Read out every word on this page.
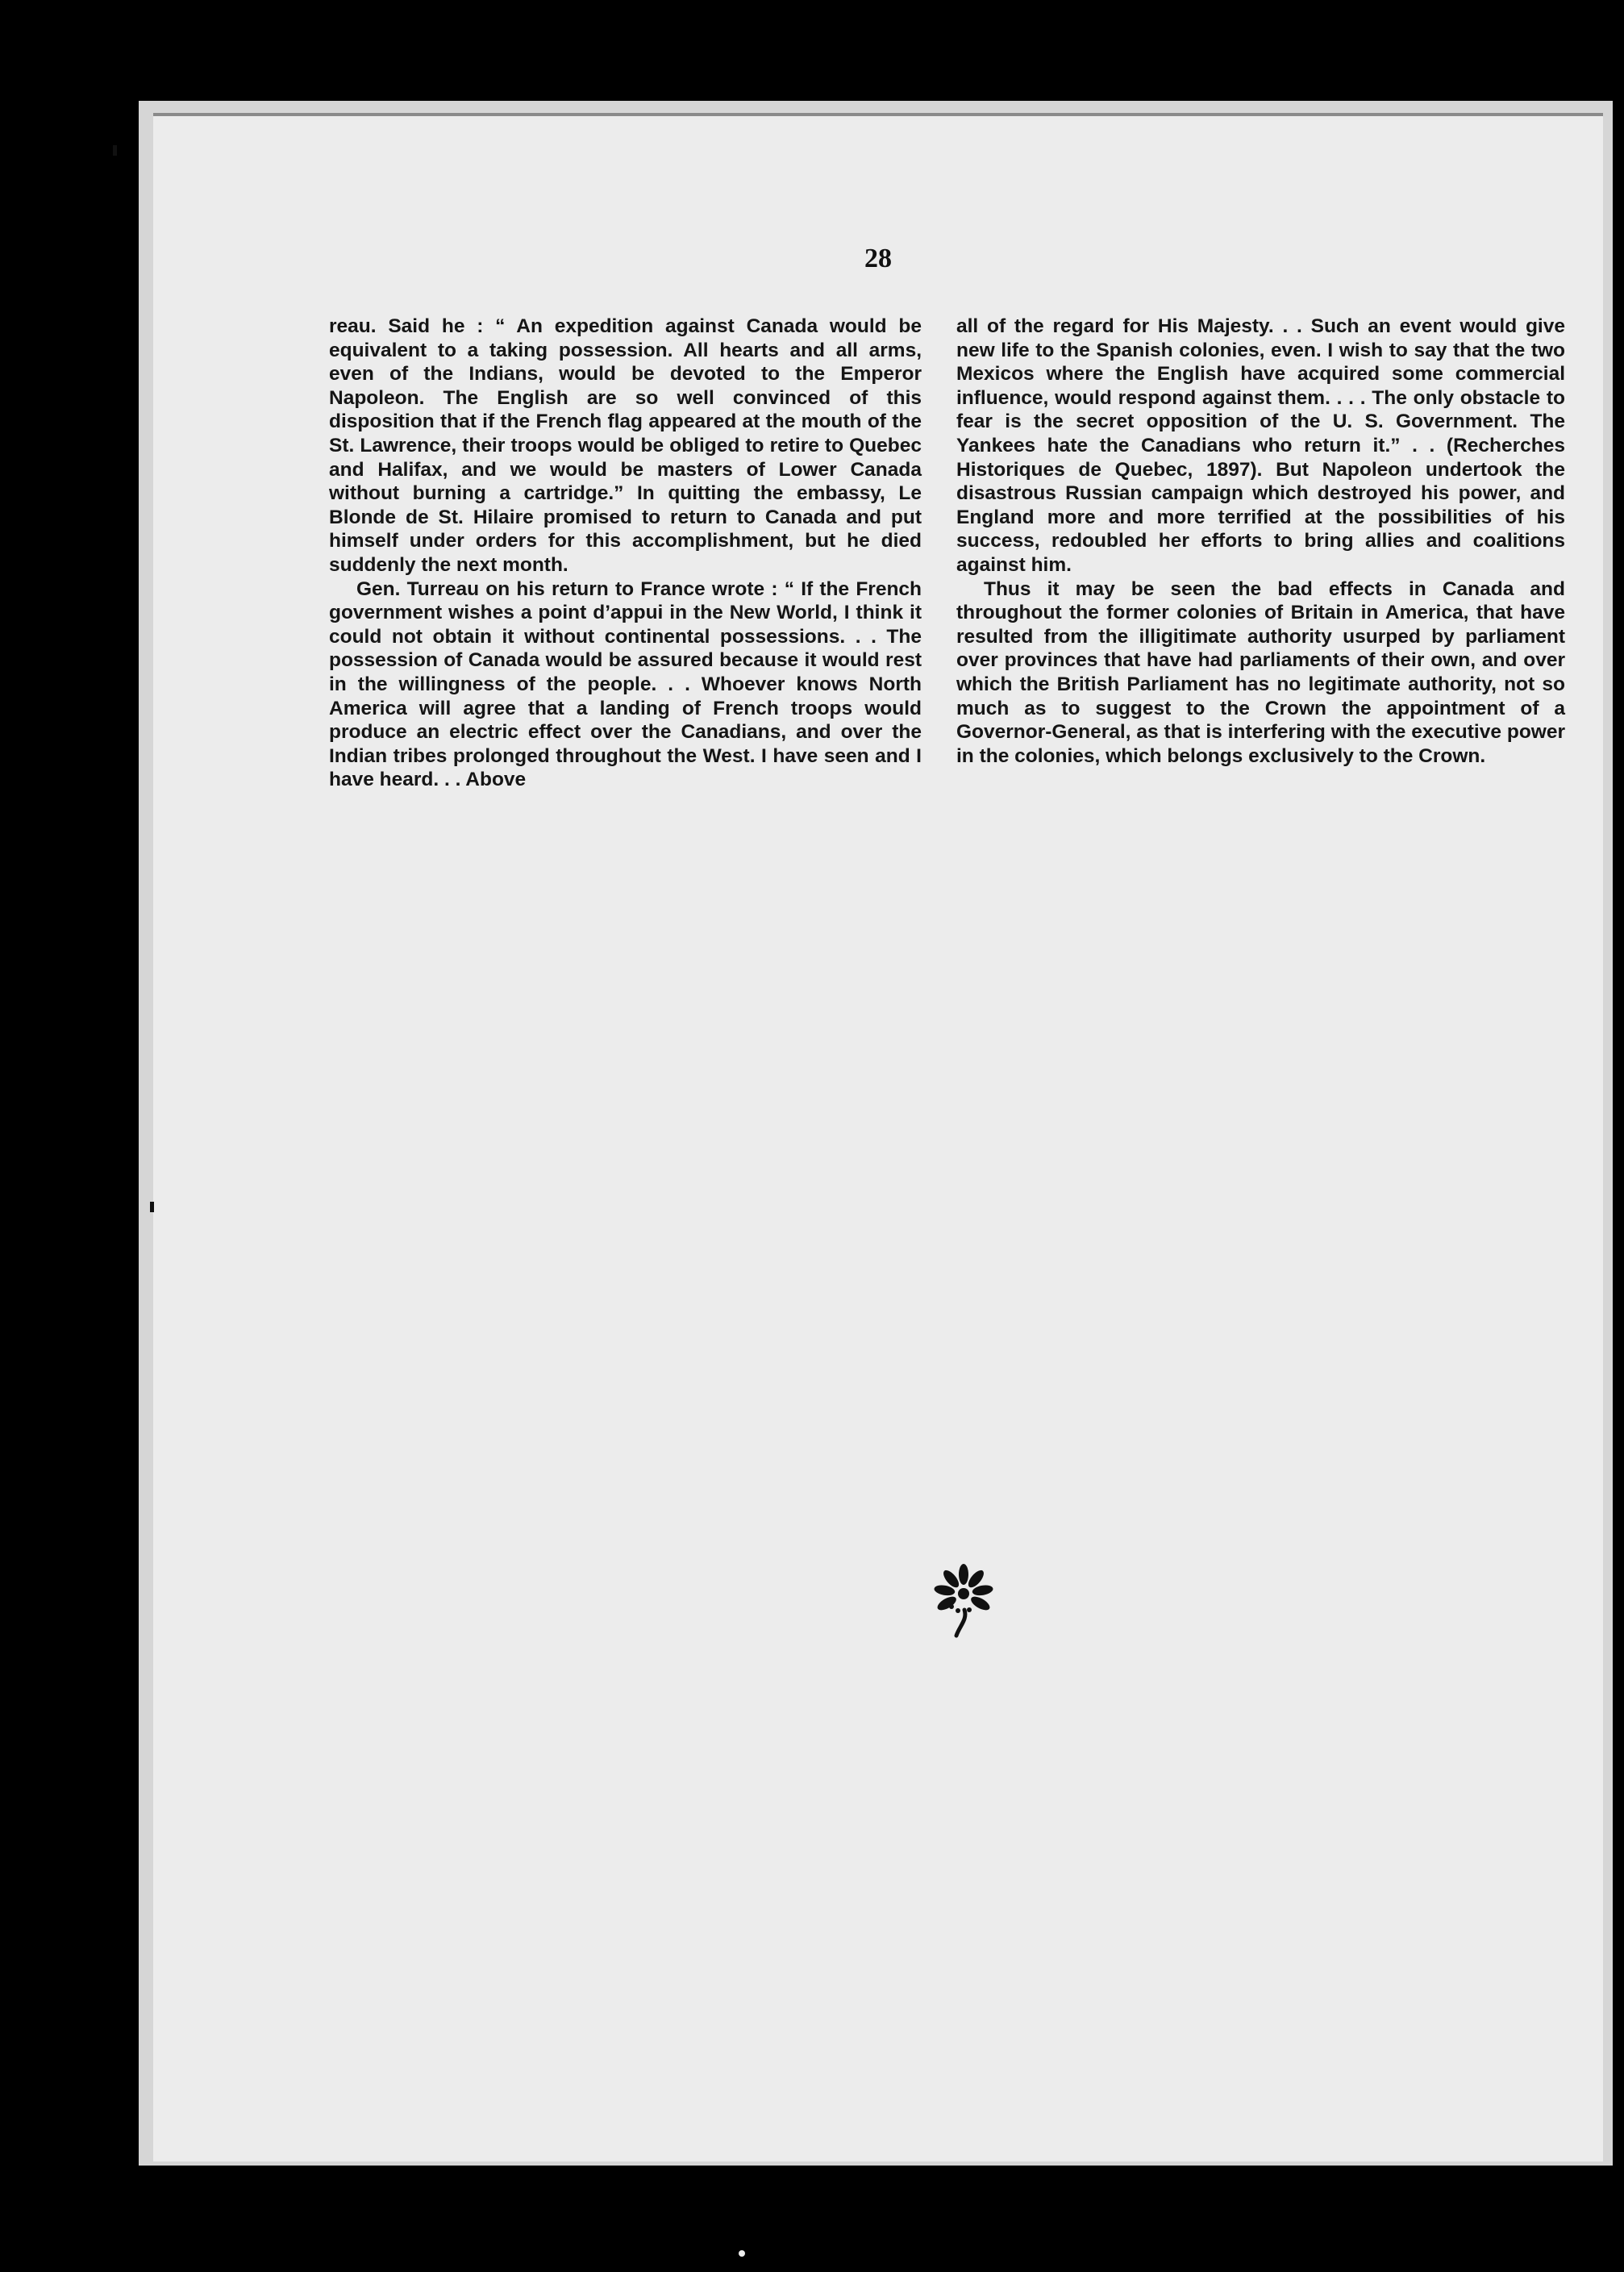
28

reau. Said he : “ An expedition against Canada would be equivalent to a taking possession. All hearts and all arms, even of the Indians, would be devoted to the Emperor Napoleon. The English are so well convinced of this disposition that if the French flag appeared at the mouth of the St. Lawrence, their troops would be obliged to retire to Quebec and Halifax, and we would be masters of Lower Canada without burning a cartridge.” In quitting the embassy, Le Blonde de St. Hilaire promised to return to Canada and put himself under orders for this accomplishment, but he died suddenly the next month.

Gen. Turreau on his return to France wrote : “ If the French government wishes a point d’appui in the New World, I think it could not obtain it without continental possessions. . . The possession of Canada would be assured because it would rest in the willingness of the people. . . Whoever knows North America will agree that a landing of French troops would produce an electric effect over the Canadians, and over the Indian tribes prolonged throughout the West. I have seen and I have heard. . . Above

all of the regard for His Majesty. . . Such an event would give new life to the Spanish colonies, even. I wish to say that the two Mexicos where the English have acquired some commercial influence, would respond against them. . . . The only obstacle to fear is the secret opposition of the U. S. Government. The Yankees hate the Canadians who return it.” . . (Recherches Historiques de Quebec, 1897). But Napoleon undertook the disastrous Russian campaign which destroyed his power, and England more and more terrified at the possibilities of his success, redoubled her efforts to bring allies and coalitions against him.

Thus it may be seen the bad effects in Canada and throughout the former colonies of Britain in America, that have resulted from the illigitimate authority usurped by parliament over provinces that have had parliaments of their own, and over which the British Parliament has no legitimate authority, not so much as to suggest to the Crown the appointment of a Governor-General, as that is interfering with the executive power in the colonies, which belongs exclusively to the Crown.
